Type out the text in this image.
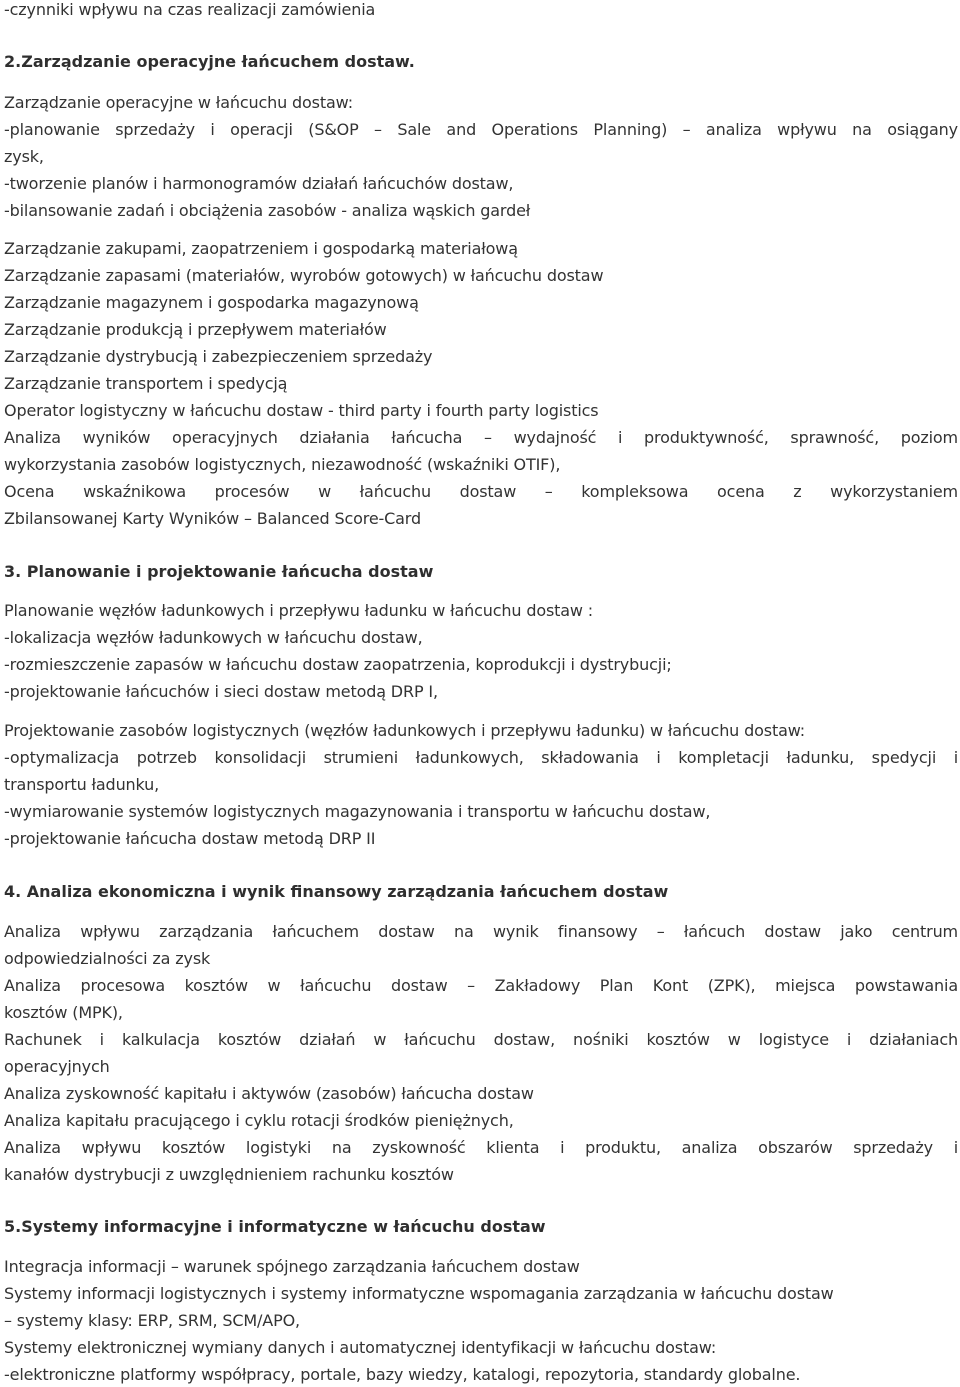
-czynniki wpływu na czas realizacji zamówienia
2.Zarządzanie operacyjne łańcuchem dostaw.
Zarządzanie operacyjne w łańcuchu dostaw:
-planowanie sprzedaży i operacji (S&OP – Sale and Operations Planning) – analiza wpływu na osiągany
zysk,
-tworzenie planów i harmonogramów działań łańcuchów dostaw,
-bilansowanie zadań i obciążenia zasobów - analiza wąskich gardeł
Zarządzanie zakupami, zaopatrzeniem i gospodarką materiałową
Zarządzanie zapasami (materiałów, wyrobów gotowych) w łańcuchu dostaw
Zarządzanie magazynem i gospodarka magazynową
Zarządzanie produkcją i przepływem materiałów
Zarządzanie dystrybucją i zabezpieczeniem sprzedaży
Zarządzanie transportem i spedycją
Operator logistyczny w łańcuchu dostaw - third party i fourth party logistics
Analiza wyników operacyjnych działania łańcucha – wydajność i produktywność, sprawność, poziom
wykorzystania zasobów logistycznych, niezawodność (wskaźniki OTIF),
Ocena wskaźnikowa procesów w łańcuchu dostaw – kompleksowa ocena z wykorzystaniem
Zbilansowanej Karty Wyników – Balanced Score-Card
3. Planowanie i projektowanie łańcucha dostaw
Planowanie węzłów ładunkowych i przepływu ładunku w łańcuchu dostaw :
-lokalizacja węzłów ładunkowych w łańcuchu dostaw,
-rozmieszczenie zapasów w łańcuchu dostaw zaopatrzenia, koprodukcji i dystrybucji;
-projektowanie łańcuchów i sieci dostaw metodą DRP I,
Projektowanie zasobów logistycznych (węzłów ładunkowych i przepływu ładunku) w łańcuchu dostaw:
-optymalizacja potrzeb konsolidacji strumieni ładunkowych, składowania i kompletacji ładunku, spedycji i
transportu ładunku,
-wymiarowanie systemów logistycznych magazynowania i transportu w łańcuchu dostaw,
-projektowanie łańcucha dostaw metodą DRP II
4. Analiza ekonomiczna i wynik finansowy zarządzania łańcuchem dostaw
Analiza wpływu zarządzania łańcuchem dostaw na wynik finansowy – łańcuch dostaw jako centrum
odpowiedzialności za zysk
Analiza procesowa kosztów w łańcuchu dostaw – Zakładowy Plan Kont (ZPK), miejsca powstawania
kosztów (MPK),
Rachunek i kalkulacja kosztów działań w łańcuchu dostaw, nośniki kosztów w logistyce i działaniach
operacyjnych
Analiza zyskowność kapitału i aktywów (zasobów) łańcucha dostaw
Analiza kapitału pracującego i cyklu rotacji środków pieniężnych,
Analiza wpływu kosztów logistyki na zyskowność klienta i produktu, analiza obszarów sprzedaży i
kanałów dystrybucji z uwzględnieniem rachunku kosztów
5.Systemy informacyjne i informatyczne w łańcuchu dostaw
Integracja informacji – warunek spójnego zarządzania łańcuchem dostaw
Systemy informacji logistycznych i systemy informatyczne wspomagania zarządzania w łańcuchu dostaw
– systemy klasy: ERP, SRM, SCM/APO,
Systemy elektronicznej wymiany danych i automatycznej identyfikacji w łańcuchu dostaw:
-elektroniczne platformy współpracy, portale, bazy wiedzy, katalogi, repozytoria, standardy globalne.
